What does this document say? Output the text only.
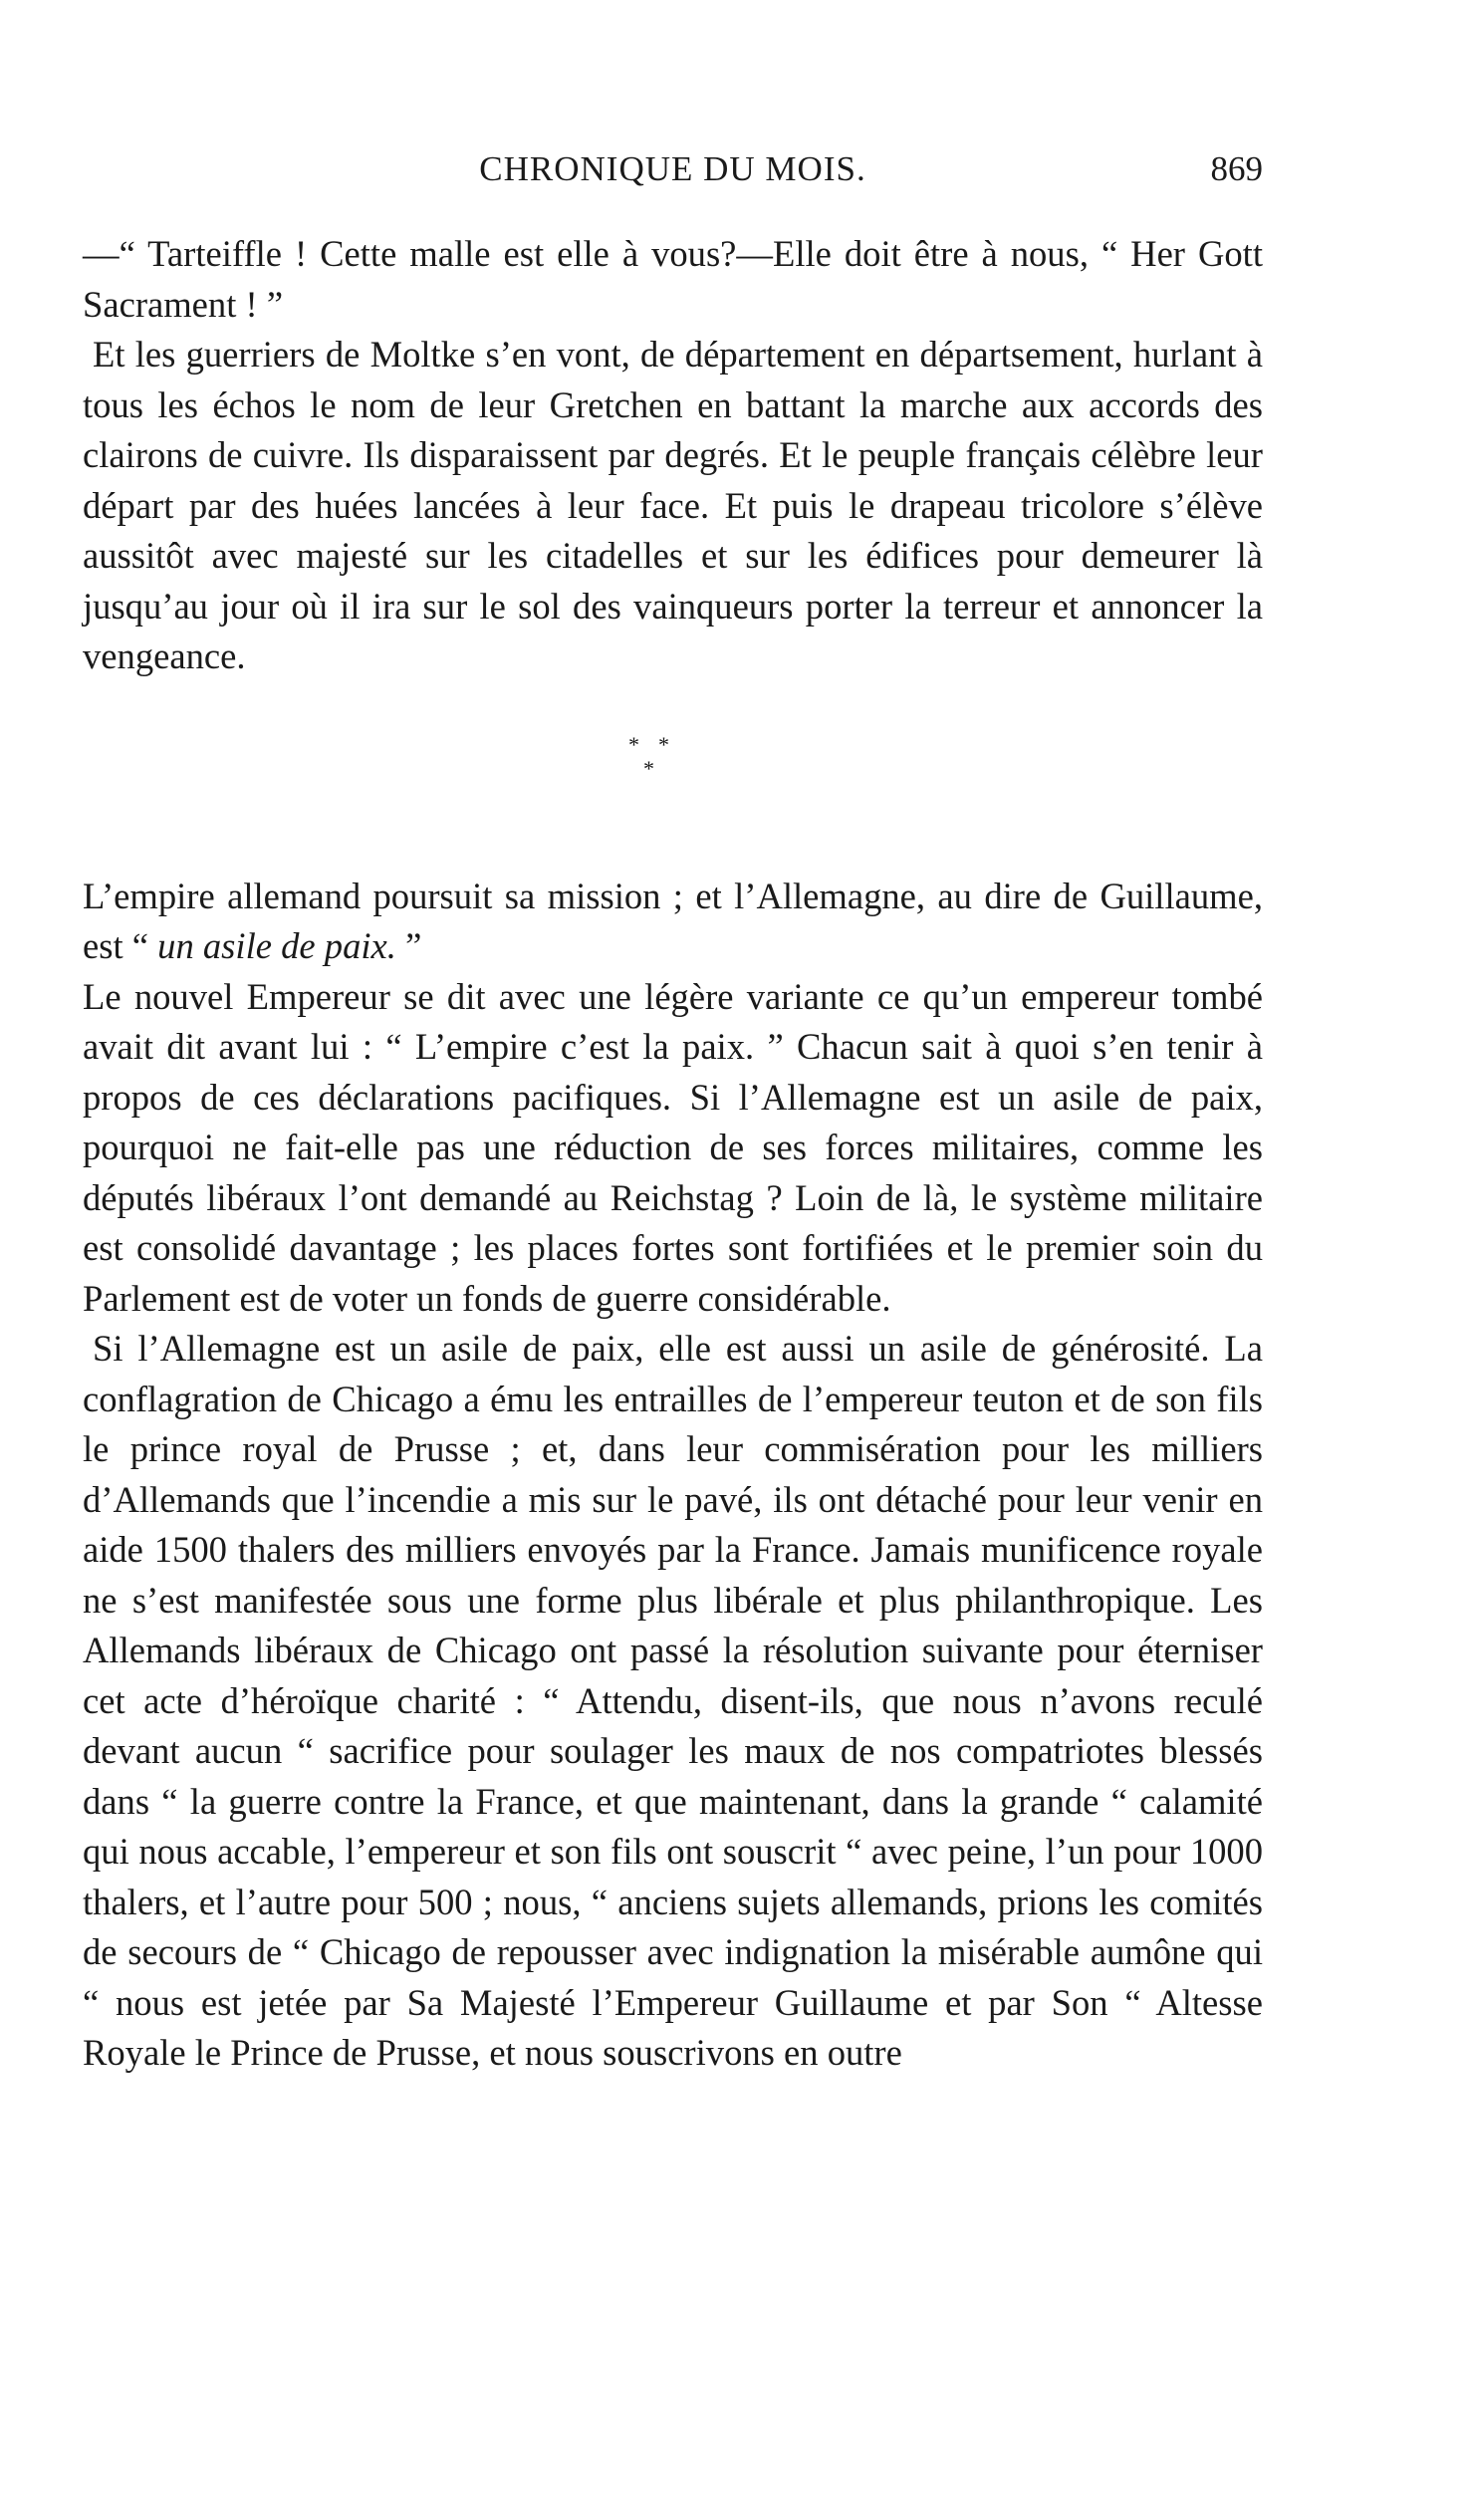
CHRONIQUE DU MOIS.	869

—“ Tarteiffle ! Cette malle est elle à vous?—Elle doit être à nous, “ Her Gott Sacrament ! ”

Et les guerriers de Moltke s’en vont, de département en départsement, hurlant à tous les échos le nom de leur Gretchen en battant la marche aux accords des clairons de cuivre. Ils disparaissent par degrés. Et le peuple français célèbre leur départ par des huées lancées à leur face. Et puis le drapeau tricolore s’élève aussitôt avec majesté sur les citadelles et sur les édifices pour demeurer là jusqu’au jour où il ira sur le sol des vainqueurs porter la terreur et annoncer la vengeance.

* *
*

L’empire allemand poursuit sa mission ; et l’Allemagne, au dire de Guillaume, est “ un asile de paix. ”

Le nouvel Empereur se dit avec une légère variante ce qu’un empereur tombé avait dit avant lui : “ L’empire c’est la paix. ” Chacun sait à quoi s’en tenir à propos de ces déclarations pacifiques. Si l’Allemagne est un asile de paix, pourquoi ne fait-elle pas une réduction de ses forces militaires, comme les députés libéraux l’ont demandé au Reichstag ? Loin de là, le système militaire est consolidé davantage ; les places fortes sont fortifiées et le premier soin du Parlement est de voter un fonds de guerre considérable.

Si l’Allemagne est un asile de paix, elle est aussi un asile de générosité. La conflagration de Chicago a ému les entrailles de l’empereur teuton et de son fils le prince royal de Prusse ; et, dans leur commisération pour les milliers d’Allemands que l’incendie a mis sur le pavé, ils ont détaché pour leur venir en aide 1500 thalers des milliers envoyés par la France. Jamais munificence royale ne s’est manifestée sous une forme plus libérale et plus philanthropique. Les Allemands libéraux de Chicago ont passé la résolution suivante pour éterniser cet acte d’héroïque charité : “ Attendu, disent-ils, que nous n’avons reculé devant aucun “ sacrifice pour soulager les maux de nos compatriotes blessés dans “ la guerre contre la France, et que maintenant, dans la grande “ calamité qui nous accable, l’empereur et son fils ont souscrit “ avec peine, l’un pour 1000 thalers, et l’autre pour 500 ; nous, “ anciens sujets allemands, prions les comités de secours de “ Chicago de repousser avec indignation la misérable aumône qui “ nous est jetée par Sa Majesté l’Empereur Guillaume et par Son “ Altesse Royale le Prince de Prusse, et nous souscrivons en outre
